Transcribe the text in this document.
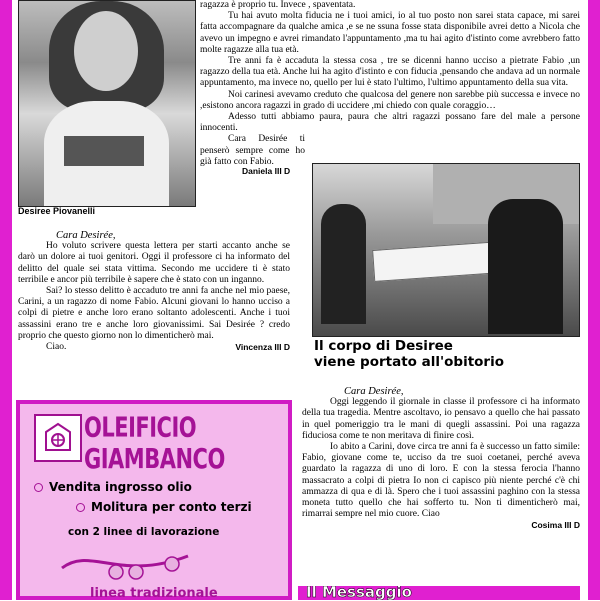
Desiree Piovanelli

ragazza è proprio tu. Invece , spaventata.

Tu hai avuto molta fiducia ne i tuoi amici, io al tuo posto non sarei stata capace, mi sarei fatta accompagnare da qualche amica ,e se ne ssuna fosse stata disponibile avrei detto a Nicola che avevo un impegno e avrei rimandato l'appuntamento ,ma tu hai agito d'istinto come avrebbero fatto molte ragazze alla tua età.

Tre anni fa è accaduta la stessa cosa , tre se dicenni hanno ucciso a pietrate Fabio ,un ragazzo della tua età. Anche lui ha agito d'istinto e con fiducia ,pensando che andava ad un normale appuntamento, ma invece no, quello per lui è stato l'ultimo, l'ultimo appuntamento della sua vita.

Noi carinesi avevamo creduto che qualcosa del genere non sarebbe più successa e invece no ,esistono ancora ragazzi in grado di uccidere ,mi chiedo con quale coraggio…

Adesso tutti abbiamo paura, paura che altri ragazzi possano fare del male a persone innocenti.

Cara Desirée ti penserò sempre come ho già fatto con Fabio.

Daniela III D
Il corpo di Desiree
viene portato all'obitorio
Cara Desirée,

Ho voluto scrivere questa lettera per starti accanto anche se darò un dolore ai tuoi genitori. Oggi il professore ci ha informato del delitto del quale sei stata vittima. Secondo me uccidere ti è stato terribile e ancor più terribile è sapere che è stato con un inganno.

Sai? lo stesso delitto è accaduto tre anni fa anche nel mio paese, Carini, a un ragazzo di nome Fabio. Alcuni giovani lo hanno ucciso a colpi di pietre e anche loro erano soltanto adolescenti. Anche i tuoi assassini erano tre e anche loro giovanissimi. Sai Desirée ? credo proprio che questo giorno non lo dimenticherò mai.

Ciao.	Vincenza III D
Cara Desirée,

Oggi leggendo il giornale in classe il professore ci ha informato della tua tragedia. Mentre ascoltavo, io pensavo a quello che hai passato in quel pomeriggio tra le mani di quegli assassini. Poi una ragazza fiduciosa come te non meritava di finire così.

Io abito a Carini, dove circa tre anni fa è successo un fatto simile: Fabio, giovane come te, ucciso da tre suoi coetanei, perché aveva guardato la ragazza di uno di loro. E con la stessa ferocia l'hanno massacrato a colpi di pietra Io non ci capisco più niente perché c'è chi ammazza di qua e di là. Spero che i tuoi assassini paghino con la stessa moneta tutto quello che hai sofferto tu. Non ti dimenticherò mai, rimarrai sempre nel mio cuore. Ciao

Cosima III D
OLEIFICIO GIAMBANCO
Vendita ingrosso olio
Molitura per conto terzi
con 2 linee di lavorazione
linea tradizionale	Il Messaggio
